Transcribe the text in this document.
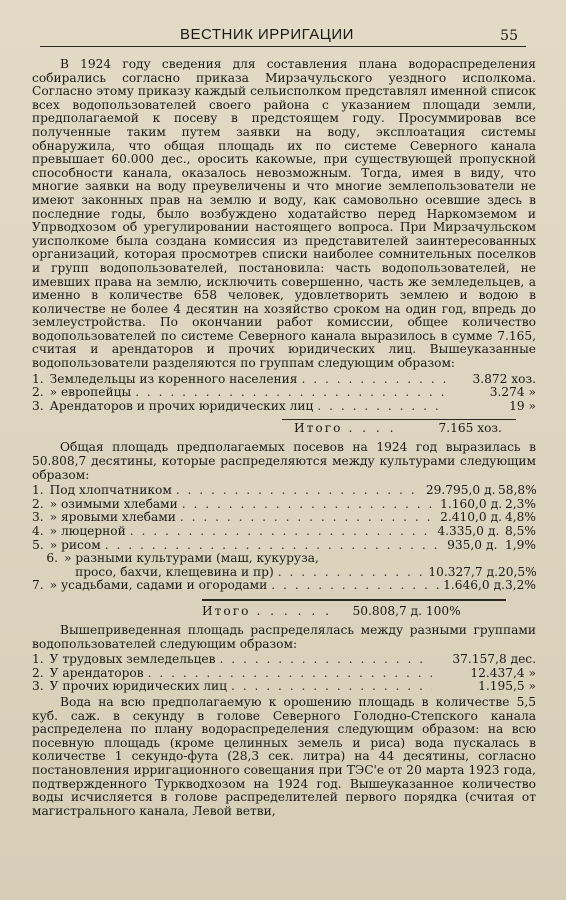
ВЕСТНИК ИРРИГАЦИИ	55

В 1924 году сведения для составления плана водораспределения собирались согласно приказа Мирзачульского уездного исполкома. Согласно этому приказу каждый сельисполком представлял именной список всех водопользователей своего района с указанием площади земли, предполагаемой к посеву в предстоящем году. Просуммировав все полученные таким путем заявки на воду, эксплоатация системы обнаружила, что общая площадь их по системе Северного канала превышает 60.000 дес., оросить какowые, при существующей пропускной способности канала, оказалось невозможным. Тогда, имея в виду, что многие заявки на воду преувеличены и что многие землепользователи не имеют законных прав на землю и воду, как самовольно осевшие здесь в последние годы, было возбуждено ходатайство перед Наркомземом и Упрводхозом об урегулировании настоящего вопроса. При Мирзачульском уисполкоме была создана комиссия из представителей заинтересованных организаций, которая просмотрев списки наиболее сомнительных поселков и групп водопользователей, постановила: часть водопользователей, не имевших права на землю, исключить совершенно, часть же земледельцев, а именно в количестве 658 человек, удовлетворить землею и водою в количестве не более 4 десятин на хозяйство сроком на один год, впредь до землеустройства. По окончании работ комиссии, общее количество водопользователей по системе Северного канала выразилось в сумме 7.165, считая и арендаторов и прочих юридических лиц. Вышеуказанные водопользователи разделяются по группам следующим образом:

1. Земледельцы из коренного населения . . .	3.872 хоз.
2. » европейцы . . .	3.274 »
3. Арендаторов и прочих юридических лиц . . .	19 »
Итого . . . .	7.165 хоз.

Общая площадь предполагаемых посевов на 1924 год выразилась в 50.808,7 десятины, которые распределяются между культурами следующим образом:

1. Под хлопчатником . . .	29.795,0 д. 58,8%
2. » озимыми хлебами . . .	1.160,0 д. 2,3%
3. » яровыми хлебами . . .	2.410,0 д. 4,8%
4. » люцерной . . .	4.335,0 д. 8,5%
5. » рисом . . .	935,0 д. 1,9%
6. » разными культурами (маш, кукуруза,
просо, бахчи, клещевина и пр) . . .	10.327,7 д. 20,5%
7. » усадьбами, садами и огородами . . .	1.646,0 д. 3,2%
Итого . . . . . .	50.808,7 д. 100%

Вышеприведенная площадь распределялась между разными группами водопользователей следующим образом:

1. У трудовых земледельцев . . .	37.157,8 дес.
2. У арендаторов . . .	12.437,4 »
3. У прочих юридических лиц . . .	1.195,5 »

Вода на всю предполагаемую к орошению площадь в количестве 5,5 куб. саж. в секунду в голове Северного Голодно-Степского канала распределена по плану водораспределения следующим образом: на всю посевную площадь (кроме целинных земель и риса) вода пускалась в количестве 1 секундо-фута (28,3 сек. литра) на 44 десятины, согласно постановления ирригационного совещания при ТЭС'е от 20 марта 1923 года, подтвержденного Туркводхозом на 1924 год. Вышеуказанное количество воды исчисляется в голове распределителей первого порядка (считая от магистрального канала, Левой ветви,
